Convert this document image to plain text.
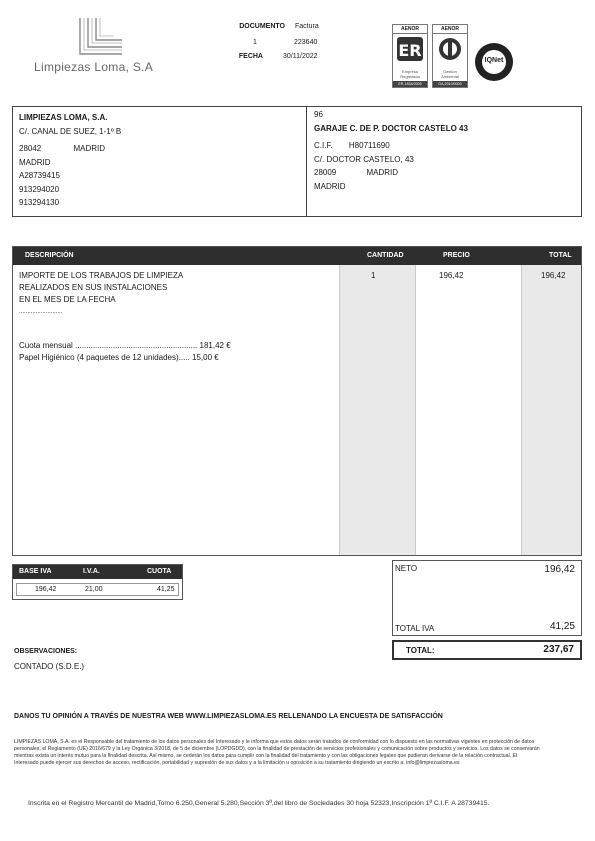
Limpiezas Loma, S.A
DOCUMENTO Factura
1	223640
FECHA	30/11/2022
AENOR
ER
Empresa
Registrada
ER-1834/2005
AENOR
Gestión
Ambiental
GA-2010/0003
IQNet
LIMPIEZAS LOMA, S.A.
C/. CANAL DE SUEZ, 1-1º B
28042	MADRID
MADRID
A28739415
913294020
913294130
96
GARAJE C. DE P. DOCTOR CASTELO 43
C.I.F. H80711690
C/. DOCTOR CASTELO, 43
28009	MADRID
MADRID
DESCRIPCIÓN	CANTIDAD	PRECIO	TOTAL
IMPORTE DE LOS TRABAJOS DE LIMPIEZA
REALIZADOS EN SUS INSTALACIONES
EN EL MES DE LA FECHA
..........................
1	196,42	196,42
Cuota mensual ....................................................... 181,42 €
Papel Higiénico (4 paquetes de 12 unidades)..... 15,00 €
BASE IVA	I.V.A.	CUOTA
196,42	21,00	41,25
NETO	196,42
TOTAL IVA	41,25
TOTAL:	237,67
OBSERVACIONES:
CONTADO (S.D.E.)
DANOS TU OPINIÓN A TRAVÉS DE NUESTRA WEB WWW.LIMPIEZASLOMA.ES RELLENANDO LA ENCUESTA DE SATISFACCIÓN
LIMPIEZAS LOMA, S.A. es el Responsable del tratamiento de los datos personales del Interesado y le informa que estos datos serán tratados de conformidad con lo dispuesto en las normativas vigentes en protección de datos personales, el Reglamento (UE) 2016/679 y la Ley Orgánica 3/2018, de 5 de diciembre (LOPDGDD), con la finalidad de prestación de servicios profesionales y comunicación sobre productos y servicios. Los datos se conservarán mientras exista un interés mutuo para la finalidad descrita. Así mismo, se cederán los datos para cumplir con la finalidad del tratamiento y con las obligaciones legales que pudieran derivarse de la relación contractual. El Interesado puede ejercer sus derechos de acceso, rectificación, portabilidad y supresión de sus datos y a la limitación u oposición a su tratamiento dirigiendo un escrito a: info@limpiezasloma.es
Inscrita en el Registro Mercantil de Madrid,Tomo 6.250,General 5.280,Sección 3ª,del libro de Sociedades 30 hoja 52323,Inscripción 1ª C.I.F. A 28739415.
